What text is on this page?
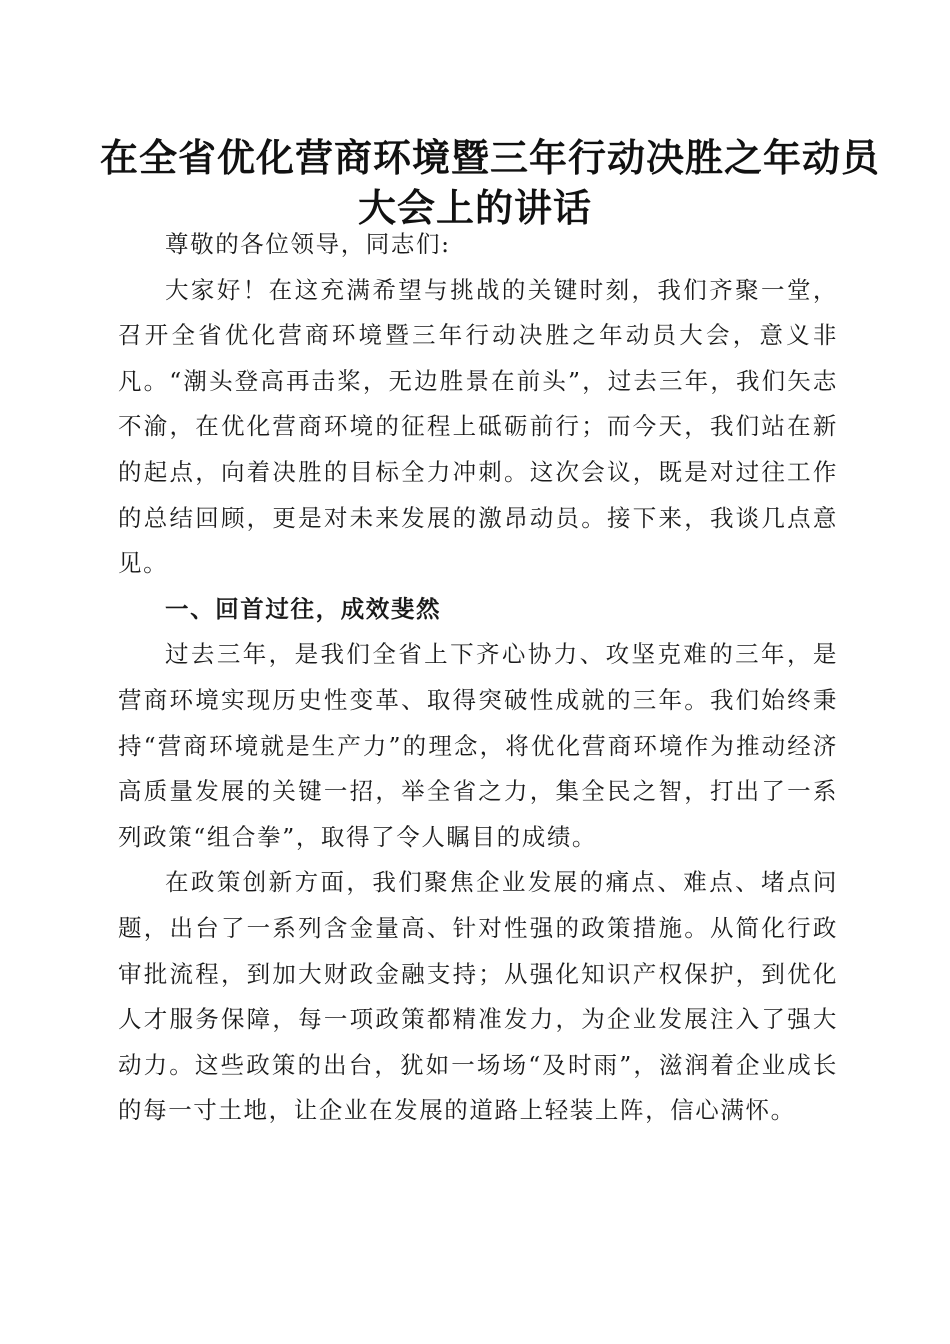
在全省优化营商环境暨三年行动决胜之年动员
大会上的讲话

尊敬的各位领导，同志们:

大家好！在这充满希望与挑战的关键时刻，我们齐聚一堂，召开全省优化营商环境暨三年行动决胜之年动员大会，意义非凡。“潮头登高再击桨，无边胜景在前头”，过去三年，我们矢志不渝，在优化营商环境的征程上砥砺前行；而今天，我们站在新的起点，向着决胜的目标全力冲刺。这次会议，既是对过往工作的总结回顾，更是对未来发展的激昂动员。接下来，我谈几点意见。

一、回首过往，成效斐然

过去三年，是我们全省上下齐心协力、攻坚克难的三年，是营商环境实现历史性变革、取得突破性成就的三年。我们始终秉持“营商环境就是生产力”的理念，将优化营商环境作为推动经济高质量发展的关键一招，举全省之力，集全民之智，打出了一系列政策“组合拳”，取得了令人瞩目的成绩。

在政策创新方面，我们聚焦企业发展的痛点、难点、堵点问题，出台了一系列含金量高、针对性强的政策措施。从简化行政审批流程，到加大财政金融支持；从强化知识产权保护，到优化人才服务保障，每一项政策都精准发力，为企业发展注入了强大动力。这些政策的出台，犹如一场场“及时雨”，滋润着企业成长的每一寸土地，让企业在发展的道路上轻装上阵，信心满怀。
